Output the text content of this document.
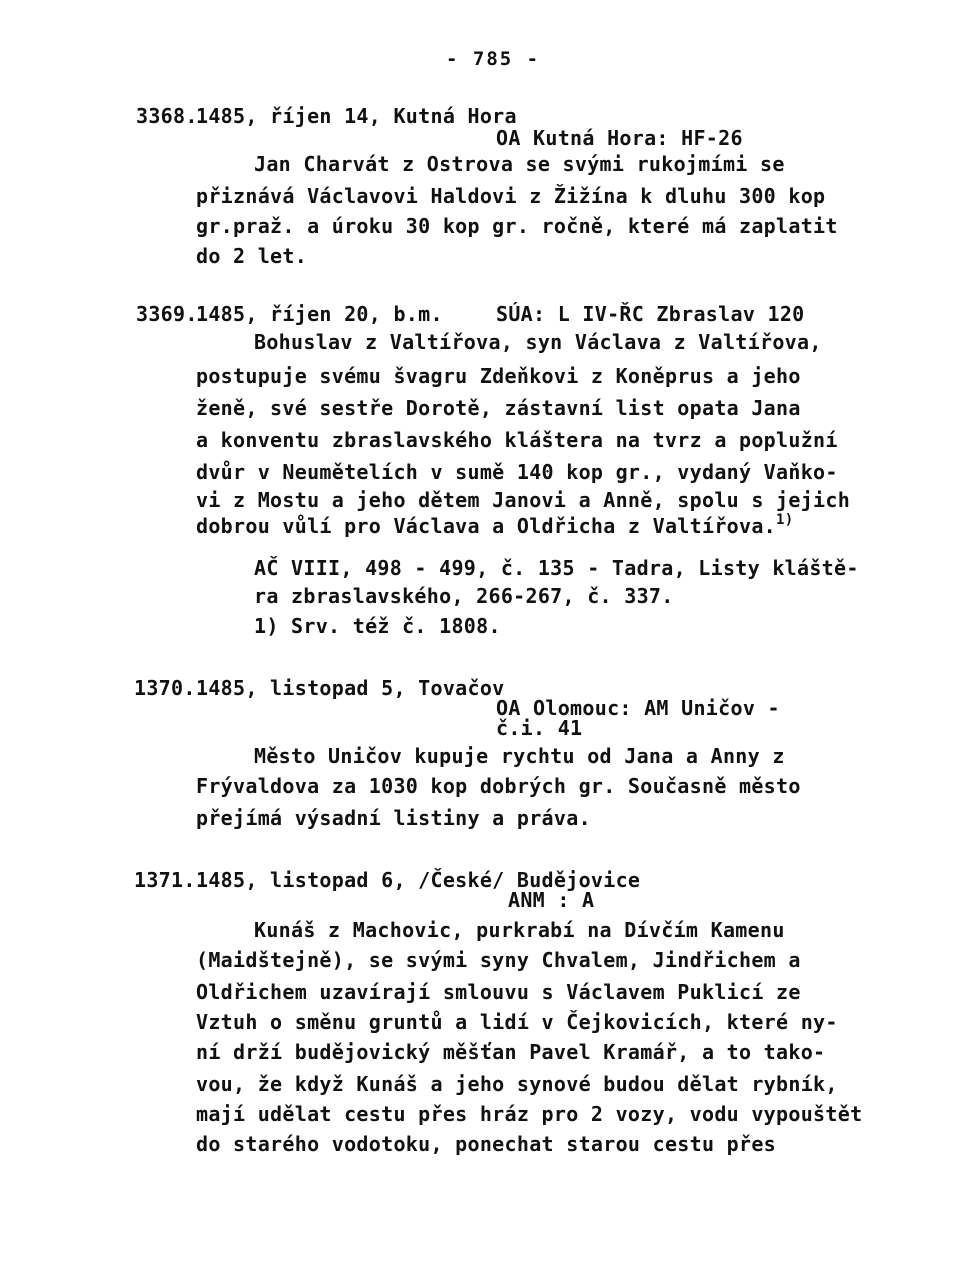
- 785 -
3368.
1485, říjen 14, Kutná Hora
OA Kutná Hora: HF-26
Jan Charvát z Ostrova se svými rukojmími se
přiznává Václavovi Haldovi z Žižína k dluhu 300 kop
gr.praž. a úroku 30 kop gr. ročně, které má zaplatit
do 2 let.
3369.
1485, říjen 20, b.m.	SÚA: L IV-ŘC Zbraslav 120
Bohuslav z Valtířova, syn Václava z Valtířova,
postupuje svému švagru Zdeňkovi z Koněprus a jeho
ženě, své sestře Dorotě, zástavní list opata Jana
a konventu zbraslavského kláštera na tvrz a poplužní
dvůr v Neumětelích v sumě 140 kop gr., vydaný Vaňko-
vi z Mostu a jeho dětem Janovi a Anně, spolu s jejich
dobrou vůlí pro Václava a Oldřicha z Valtířova.$^{1)}$
AČ VIII, 498 - 499, č. 135 - Tadra, Listy kláště-
ra zbraslavského, 266-267, č. 337.
1) Srv. též č. 1808.
1370. 1485, listopad 5, Tovačov
OA Olomouc: AM Uničov -
č.i. 41
Město Uničov kupuje rychtu od Jana a Anny z
Frývaldova za 1030 kop dobrých gr. Současně město
přejímá výsadní listiny a práva.
1371. 1485, listopad 6, /České/ Budějovice
ANM : A
Kunáš z Machovic, purkrabí na Dívčím Kamenu
(Maidštejně), se svými syny Chvalem, Jindřichem a
Oldřichem uzavírají smlouvu s Václavem Puklicí ze
Vztuh o směnu gruntů a lidí v Čejkovicích, které ny-
ní drží budějovický měšťan Pavel Kramář, a to tako-
vou, že když Kunáš a jeho synové budou dělat rybník,
mají udělat cestu přes hráz pro 2 vozy, vodu vypouštět
do starého vodotoku, ponechat starou cestu přes
